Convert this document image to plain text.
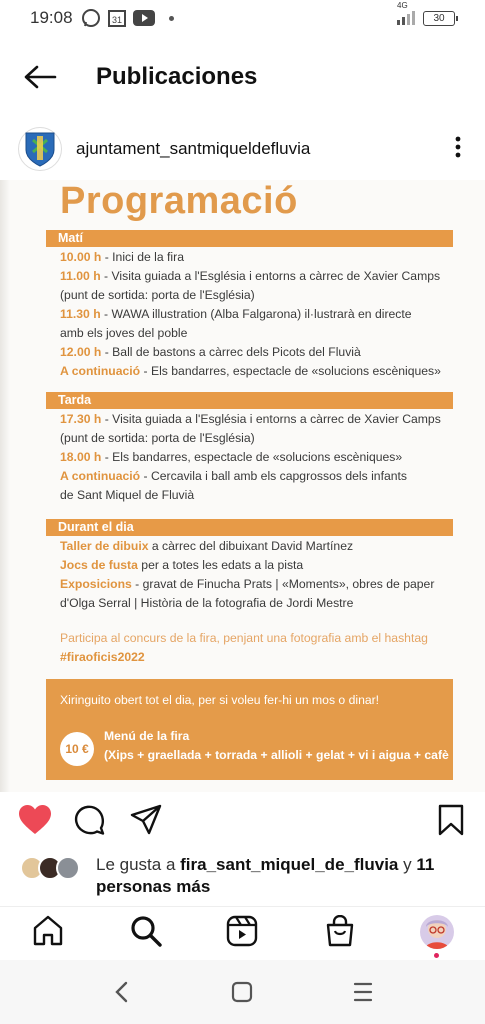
19:08	31
4G
30
Publicaciones
ajuntament_santmiqueldefluvia
Programació
Matí
10.00 h - Inici de la fira
11.00 h - Visita guiada a l'Església i entorns a càrrec de Xavier Camps
(punt de sortida: porta de l'Església)
11.30 h - WAWA illustration (Alba Falgarona) il·lustrarà en directe
amb els joves del poble
12.00 h - Ball de bastons a càrrec dels Picots del Fluvià
A continuació - Els bandarres, espectacle de «solucions escèniques»
Tarda
17.30 h - Visita guiada a l'Església i entorns a càrrec de Xavier Camps
(punt de sortida: porta de l'Església)
18.00 h - Els bandarres, espectacle de «solucions escèniques»
A continuació - Cercavila i ball amb els capgrossos dels infants
de Sant Miquel de Fluvià
Durant el dia
Taller de dibuix a càrrec del dibuixant David Martínez
Jocs de fusta per a totes les edats a la pista
Exposicions - gravat de Finucha Prats | «Moments», obres de paper
d'Olga Serral | Història de la fotografia de Jordi Mestre
Participa al concurs de la fira, penjant una fotografia amb el hashtag
#firaoficis2022
Xiringuito obert tot el dia, per si voleu fer-hi un mos o dinar!
10 €
Menú de la fira
(Xips + graellada + torrada + allioli + gelat + vi i aigua + cafè
Le gusta a fira_sant_miquel_de_fluvia y 11
personas más
